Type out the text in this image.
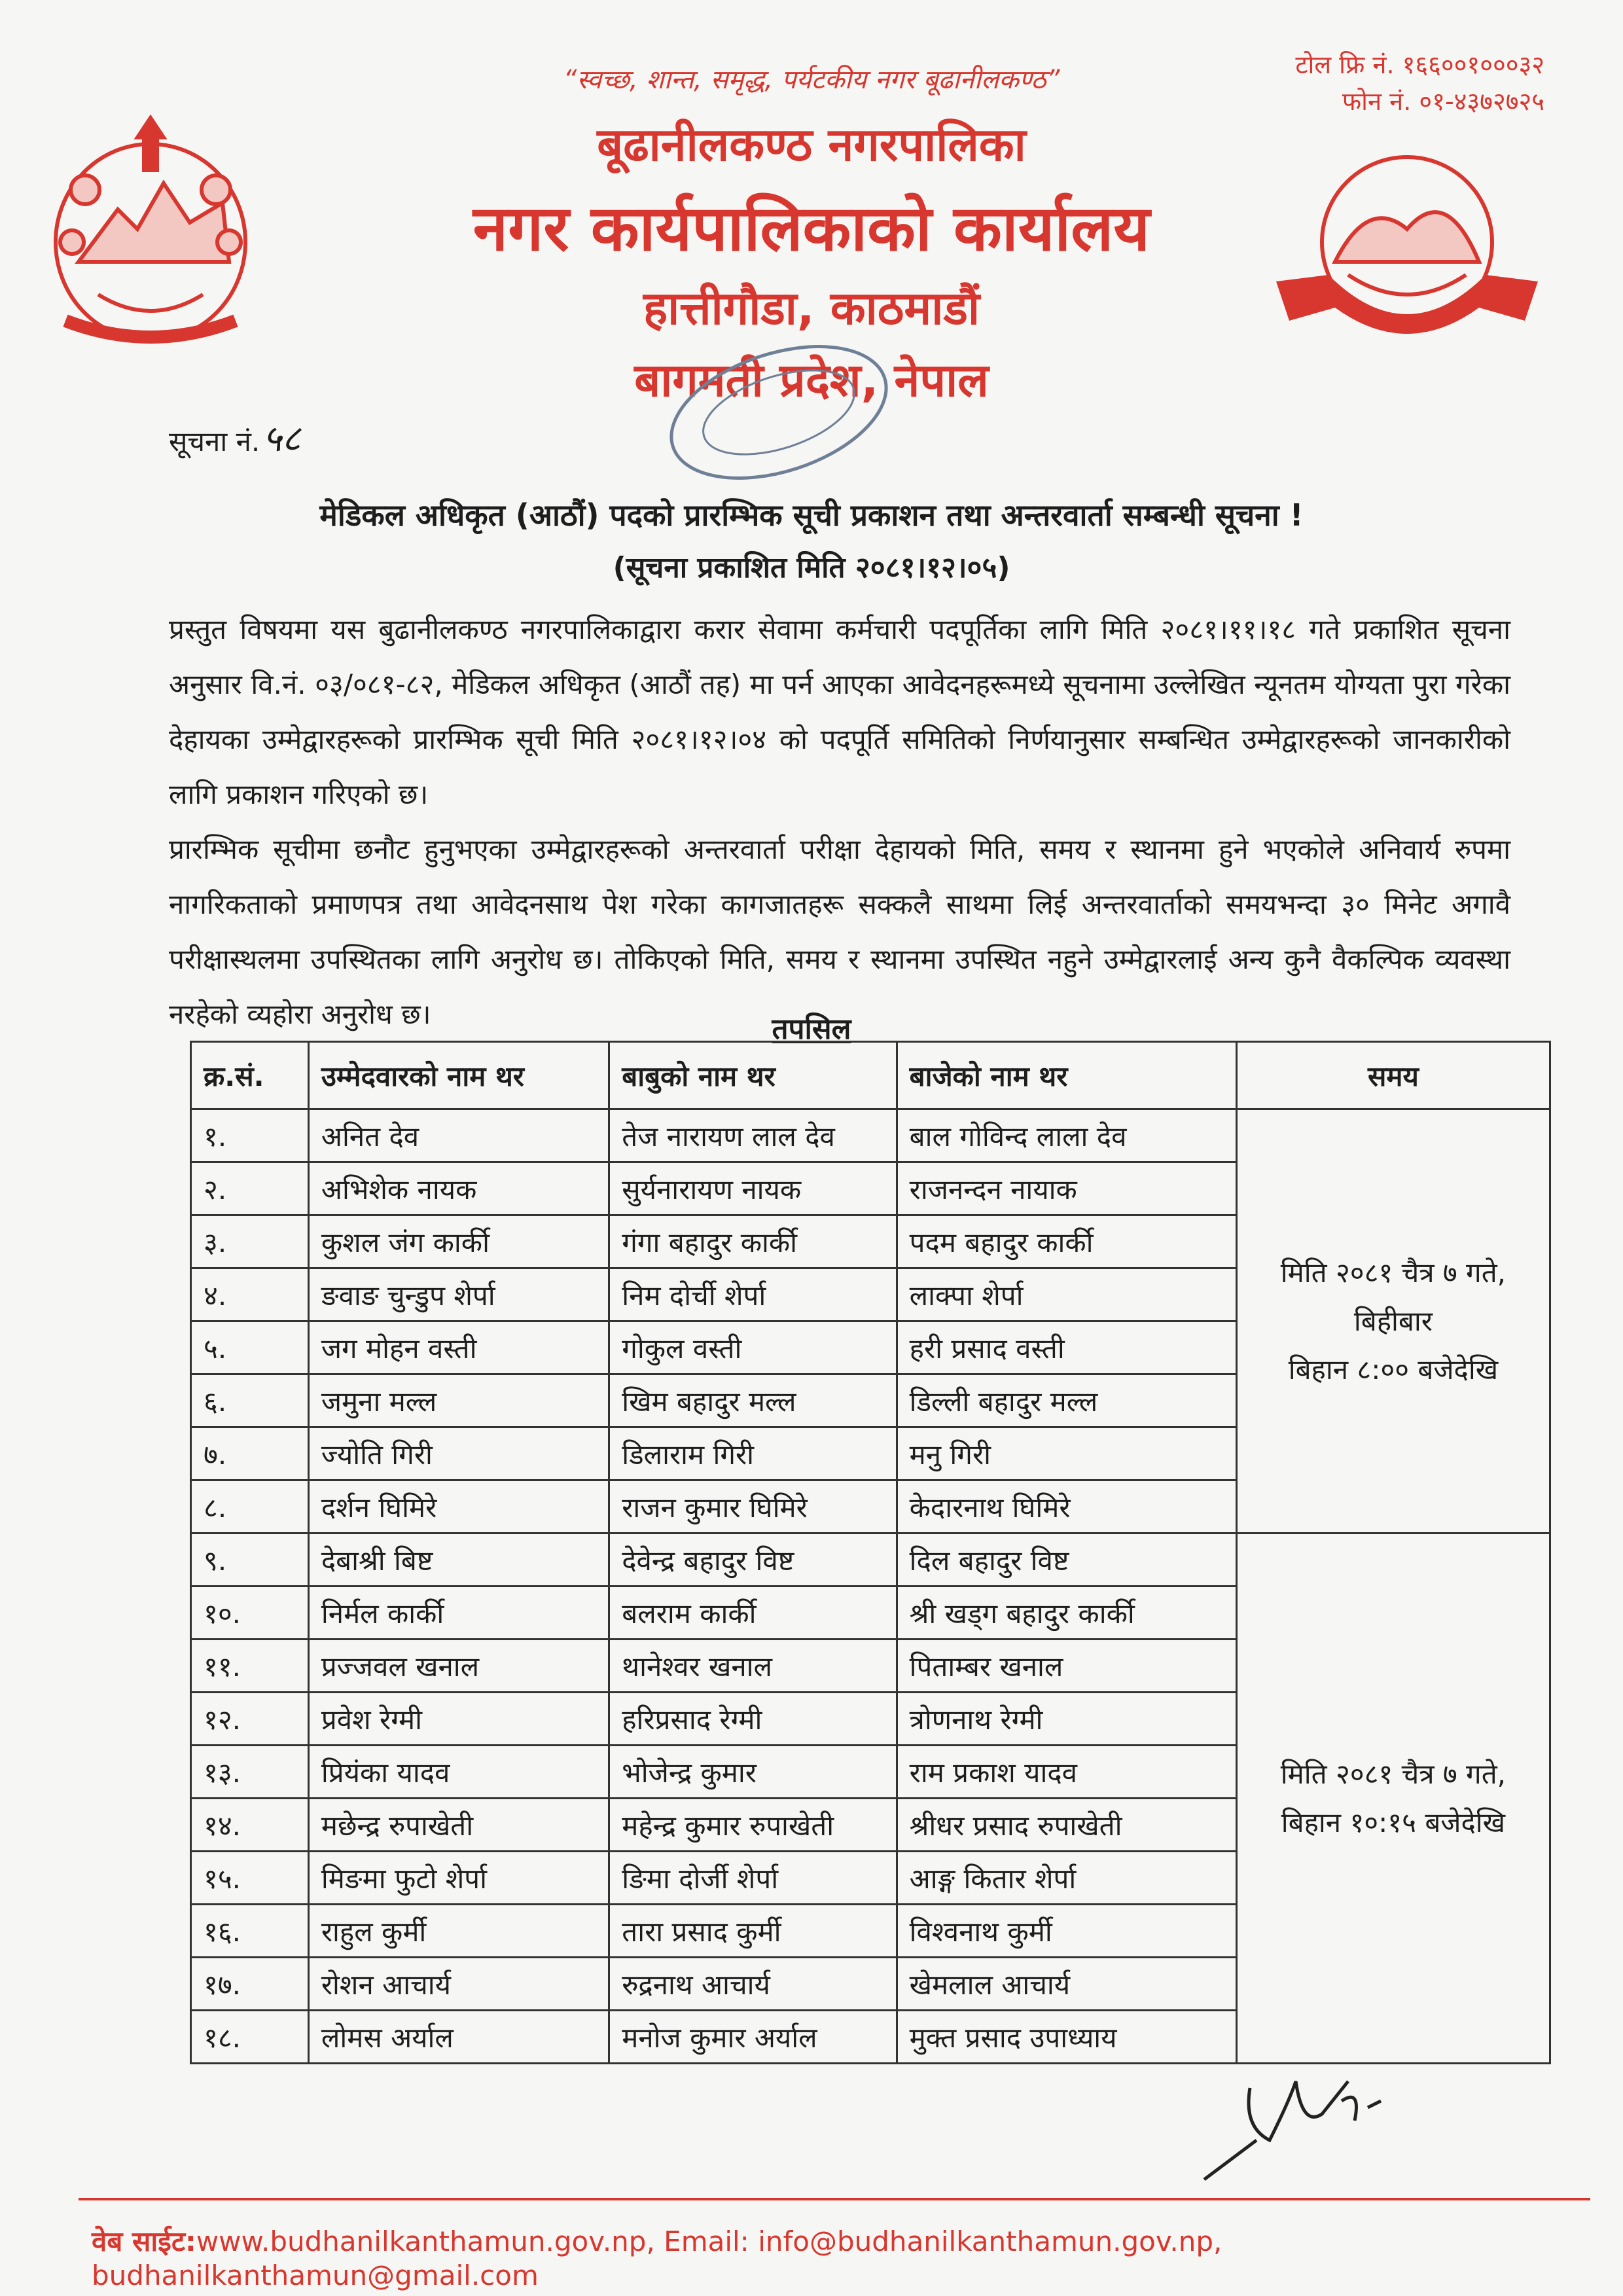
“स्वच्छ, शान्त, समृद्ध, पर्यटकीय नगर बूढानीलकण्ठ”
बूढानीलकण्ठ नगरपालिका
नगर कार्यपालिकाको कार्यालय
हात्तीगौडा, काठमाडौं
बागमती प्रदेश, नेपाल
टोल फ्रि नं. १६६००१०००३२
फोन नं. ०१-४३७२७२५
सूचना नं.५८
मेडिकल अधिकृत (आठौं) पदको प्रारम्भिक सूची प्रकाशन तथा अन्तरवार्ता सम्बन्धी सूचना !
(सूचना प्रकाशित मिति २०८१।१२।०५)

प्रस्तुत विषयमा यस बुढानीलकण्ठ नगरपालिकाद्वारा करार सेवामा कर्मचारी पदपूर्तिका लागि मिति २०८१।११।१८ गते प्रकाशित सूचना अनुसार वि.नं. ०३/०८१-८२, मेडिकल अधिकृत (आठौं तह) मा पर्न आएका आवेदनहरूमध्ये सूचनामा उल्लेखित न्यूनतम योग्यता पुरा गरेका देहायका उम्मेद्वारहरूको प्रारम्भिक सूची मिति २०८१।१२।०४ को पदपूर्ति समितिको निर्णयानुसार सम्बन्धित उम्मेद्वारहरूको जानकारीको लागि प्रकाशन गरिएको छ।

प्रारम्भिक सूचीमा छनौट हुनुभएका उम्मेद्वारहरूको अन्तरवार्ता परीक्षा देहायको मिति, समय र स्थानमा हुने भएकोले अनिवार्य रुपमा नागरिकताको प्रमाणपत्र तथा आवेदनसाथ पेश गरेका कागजातहरू सक्कलै साथमा लिई अन्तरवार्ताको समयभन्दा ३० मिनेट अगावै परीक्षास्थलमा उपस्थितका लागि अनुरोध छ। तोकिएको मिति, समय र स्थानमा उपस्थित नहुने उम्मेद्वारलाई अन्य कुनै वैकल्पिक व्यवस्था नरहेको व्यहोरा अनुरोध छ।	तपसिल
क्र.सं.	उम्मेदवारको नाम थर	बाबुको नाम थर	बाजेको नाम थर	समय
१.	अनित देव	तेज नारायण लाल देव	बाल गोविन्द लाला देव	मिति २०८१ चैत्र ७ गते,
बिहीबार
बिहान ८:०० बजेदेखि

२.	अभिशेक नायक	सुर्यनारायण नायक	राजनन्दन नायाक	
३.	कुशल जंग कार्की	गंगा बहादुर कार्की	पदम बहादुर कार्की	
४.	ङवाङ चुन्डुप शेर्पा	निम दोर्ची शेर्पा	लाक्पा शेर्पा	
५.	जग मोहन वस्ती	गोकुल वस्ती	हरी प्रसाद वस्ती	
६.	जमुना मल्ल	खिम बहादुर मल्ल	डिल्ली बहादुर मल्ल	
७.	ज्योति गिरी	डिलाराम गिरी	मनु गिरी	
८.	दर्शन घिमिरे	राजन कुमार घिमिरे	केदारनाथ घिमिरे	
९.	देबाश्री बिष्ट	देवेन्द्र बहादुर विष्ट	दिल बहादुर विष्ट	मिति २०८१ चैत्र ७ गते,
बिहान १०:१५ बजेदेखि

१०.	निर्मल कार्की	बलराम कार्की	श्री खड्ग बहादुर कार्की	
११.	प्रज्जवल खनाल	थानेश्वर खनाल	पिताम्बर खनाल	
१२.	प्रवेश रेग्मी	हरिप्रसाद रेग्मी	त्रोणनाथ रेग्मी	
१३.	प्रियंका यादव	भोजेन्द्र कुमार	राम प्रकाश यादव	
१४.	मछेन्द्र रुपाखेती	महेन्द्र कुमार रुपाखेती	श्रीधर प्रसाद रुपाखेती	
१५.	मिङमा फुटो शेर्पा	ङिमा दोर्जी शेर्पा	आङ्ग कितार शेर्पा	
१६.	राहुल कुर्मी	तारा प्रसाद कुर्मी	विश्वनाथ कुर्मी	
१७.	रोशन आचार्य	रुद्रनाथ आचार्य	खेमलाल आचार्य	
१८.	लोमस अर्याल	मनोज कुमार अर्याल	मुक्त प्रसाद उपाध्याय	
वेब साईट:www.budhanilkanthamun.gov.np, Email: info@budhanilkanthamun.gov.np, budhanilkanthamun@gmail.com
